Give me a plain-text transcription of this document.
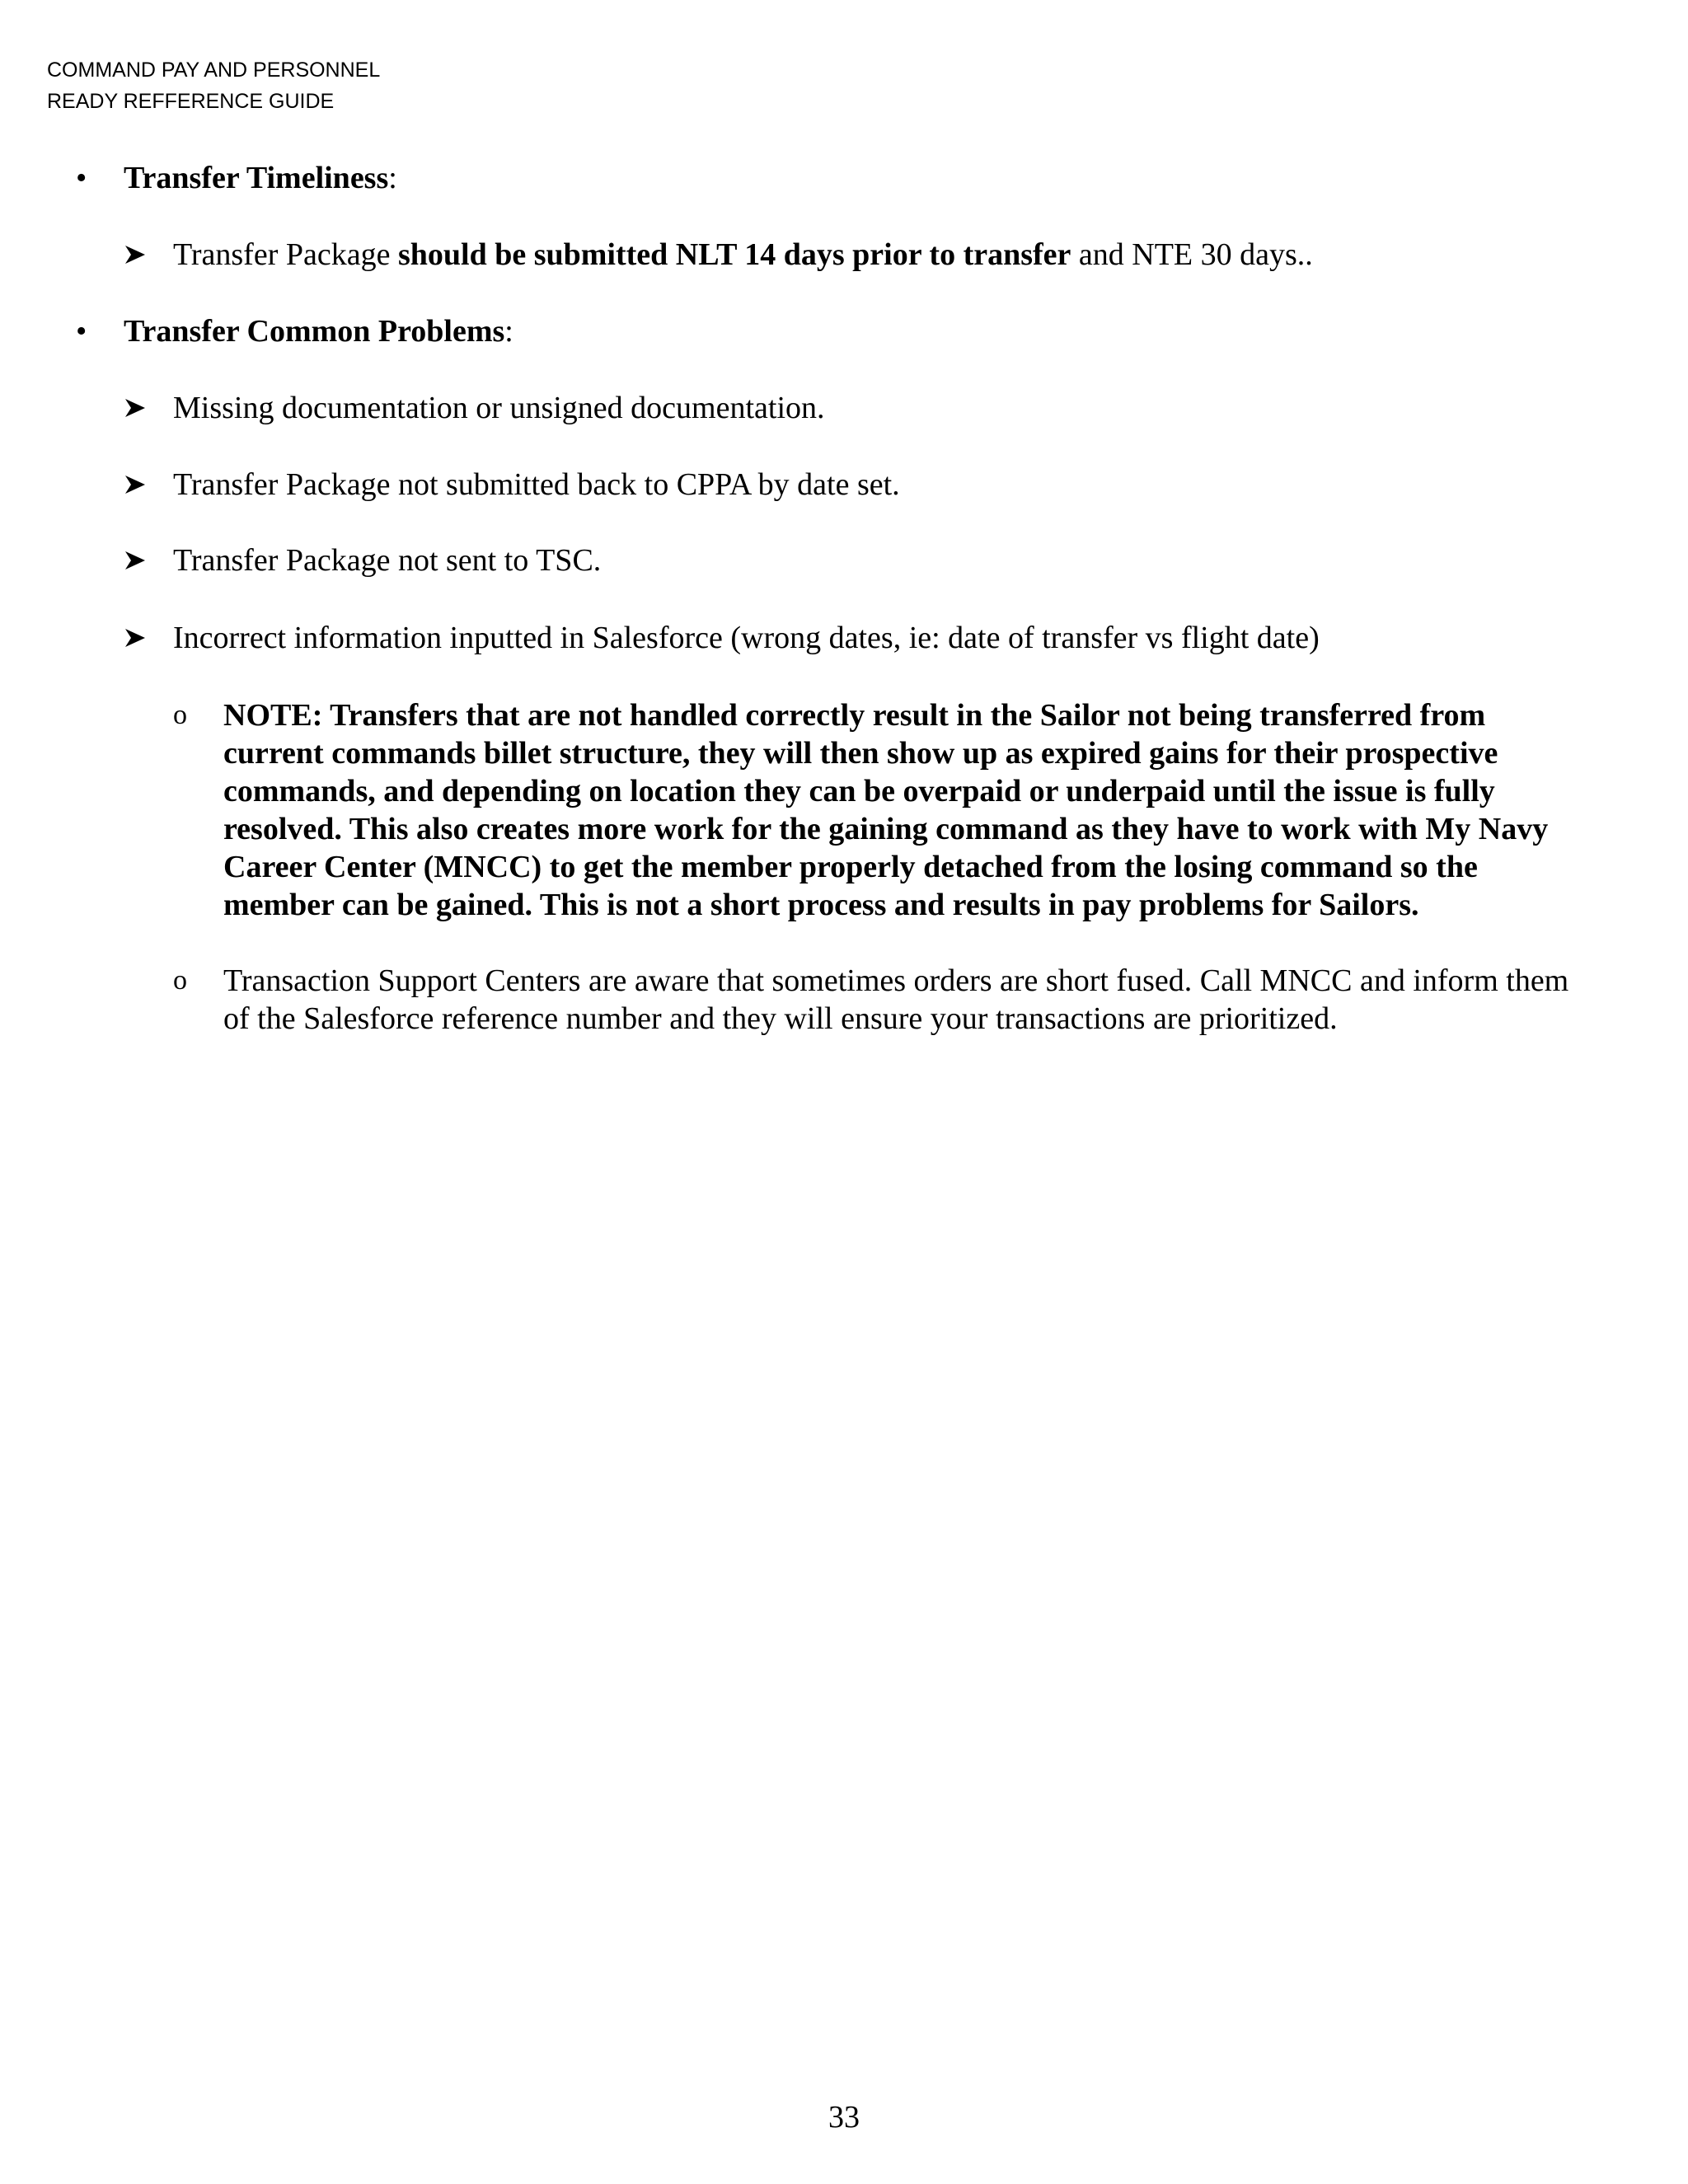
COMMAND PAY AND PERSONNEL
READY REFFERENCE GUIDE
• Transfer Timeliness:
Transfer Package should be submitted NLT 14 days prior to transfer and NTE 30 days..
• Transfer Common Problems:
Missing documentation or unsigned documentation.
Transfer Package not submitted back to CPPA by date set.
Transfer Package not sent to TSC.
Incorrect information inputted in Salesforce (wrong dates, ie: date of transfer vs flight date)
o NOTE: Transfers that are not handled correctly result in the Sailor not being transferred from current commands billet structure, they will then show up as expired gains for their prospective commands, and depending on location they can be overpaid or underpaid until the issue is fully resolved. This also creates more work for the gaining command as they have to work with My Navy Career Center (MNCC) to get the member properly detached from the losing command so the member can be gained. This is not a short process and results in pay problems for Sailors.
o Transaction Support Centers are aware that sometimes orders are short fused. Call MNCC and inform them of the Salesforce reference number and they will ensure your transactions are prioritized.
33
